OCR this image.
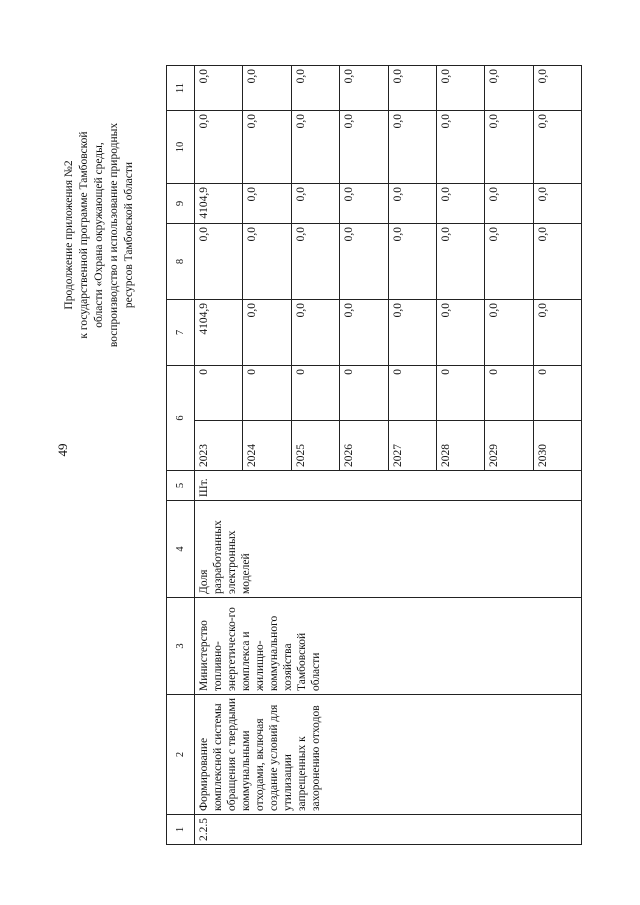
49
Продолжение приложения №2 к государственной программе Тамбовской области «Охрана окружающей среды, воспроизводство и использование природных ресурсов Тамбовской области
1	2	3	4	5	6		7	8	9	10	11
2.2.5	Формирование комплексной системы обращения с твердыми коммунальными отходами, включая создание условий для утилизации запрещенных к захоронению отходов	Министерство топливно-энергетическо-го комплекса и жилищно-коммунального хозяйства Тамбовской области	Доля разработанных электронных моделей	Шт.	2023	0	4104,9	0,0	4104,9	0,0	0,0
					2024	0	0,0	0,0	0,0	0,0	0,0
					2025	0	0,0	0,0	0,0	0,0	0,0
					2026	0	0,0	0,0	0,0	0,0	0,0
					2027	0	0,0	0,0	0,0	0,0	0,0
					2028	0	0,0	0,0	0,0	0,0	0,0
					2029	0	0,0	0,0	0,0	0,0	0,0
					2030	0	0,0	0,0	0,0	0,0	0,0
